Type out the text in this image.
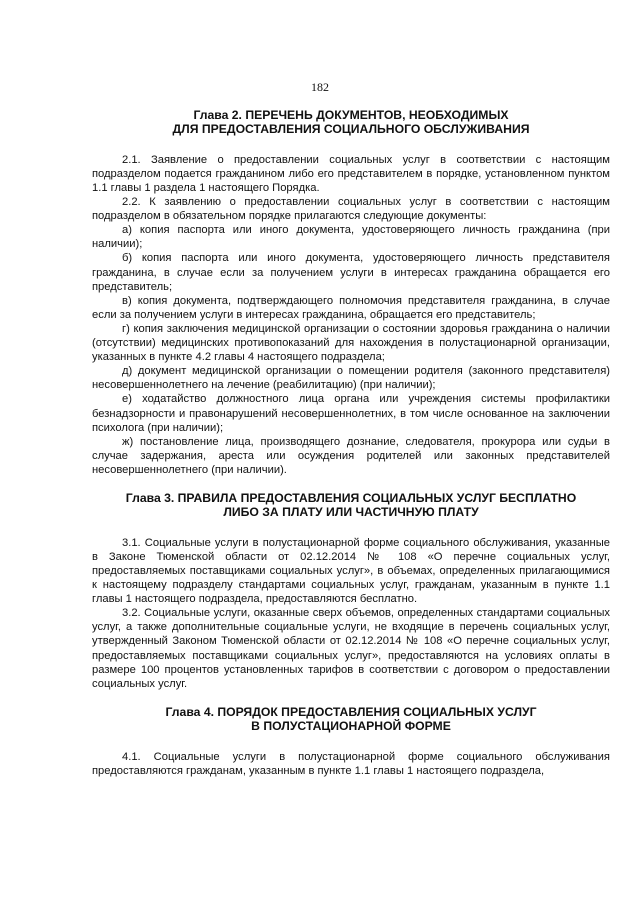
182
Глава 2. ПЕРЕЧЕНЬ ДОКУМЕНТОВ, НЕОБХОДИМЫХ
ДЛЯ ПРЕДОСТАВЛЕНИЯ СОЦИАЛЬНОГО ОБСЛУЖИВАНИЯ

2.1. Заявление о предоставлении социальных услуг в соответствии с настоящим подразделом подается гражданином либо его представителем в порядке, установленном пунктом 1.1 главы 1 раздела 1 настоящего Порядка.

2.2. К заявлению о предоставлении социальных услуг в соответствии с настоящим подразделом в обязательном порядке прилагаются следующие документы:

а) копия паспорта или иного документа, удостоверяющего личность гражданина (при наличии);

б) копия паспорта или иного документа, удостоверяющего личность представителя гражданина, в случае если за получением услуги в интересах гражданина обращается его представитель;

в) копия документа, подтверждающего полномочия представителя гражданина, в случае если за получением услуги в интересах гражданина, обращается его представитель;

г) копия заключения медицинской организации о состоянии здоровья гражданина о наличии (отсутствии) медицинских противопоказаний для нахождения в полустационарной организации, указанных в пункте 4.2 главы 4 настоящего подраздела;

д) документ медицинской организации о помещении родителя (законного представителя) несовершеннолетнего на лечение (реабилитацию) (при наличии);

е) ходатайство должностного лица органа или учреждения системы профилактики безнадзорности и правонарушений несовершеннолетних, в том числе основанное на заключении психолога (при наличии);

ж) постановление лица, производящего дознание, следователя, прокурора или судьи в случае задержания, ареста или осуждения родителей или законных представителей несовершеннолетнего (при наличии).

Глава 3. ПРАВИЛА ПРЕДОСТАВЛЕНИЯ СОЦИАЛЬНЫХ УСЛУГ БЕСПЛАТНО
ЛИБО ЗА ПЛАТУ ИЛИ ЧАСТИЧНУЮ ПЛАТУ

3.1. Социальные услуги в полустационарной форме социального обслуживания, указанные в Законе Тюменской области от 02.12.2014 № 108 «О перечне социальных услуг, предоставляемых поставщиками социальных услуг», в объемах, определенных прилагающимися к настоящему подразделу стандартами социальных услуг, гражданам, указанным в пункте 1.1 главы 1 настоящего подраздела, предоставляются бесплатно.

3.2. Социальные услуги, оказанные сверх объемов, определенных стандартами социальных услуг, а также дополнительные социальные услуги, не входящие в перечень социальных услуг, утвержденный Законом Тюменской области от 02.12.2014 № 108 «О перечне социальных услуг, предоставляемых поставщиками социальных услуг», предоставляются на условиях оплаты в размере 100 процентов установленных тарифов в соответствии с договором о предоставлении социальных услуг.

Глава 4. ПОРЯДОК ПРЕДОСТАВЛЕНИЯ СОЦИАЛЬНЫХ УСЛУГ
В ПОЛУСТАЦИОНАРНОЙ ФОРМЕ

4.1. Социальные услуги в полустационарной форме социального обслуживания предоставляются гражданам, указанным в пункте 1.1 главы 1 настоящего подраздела,
